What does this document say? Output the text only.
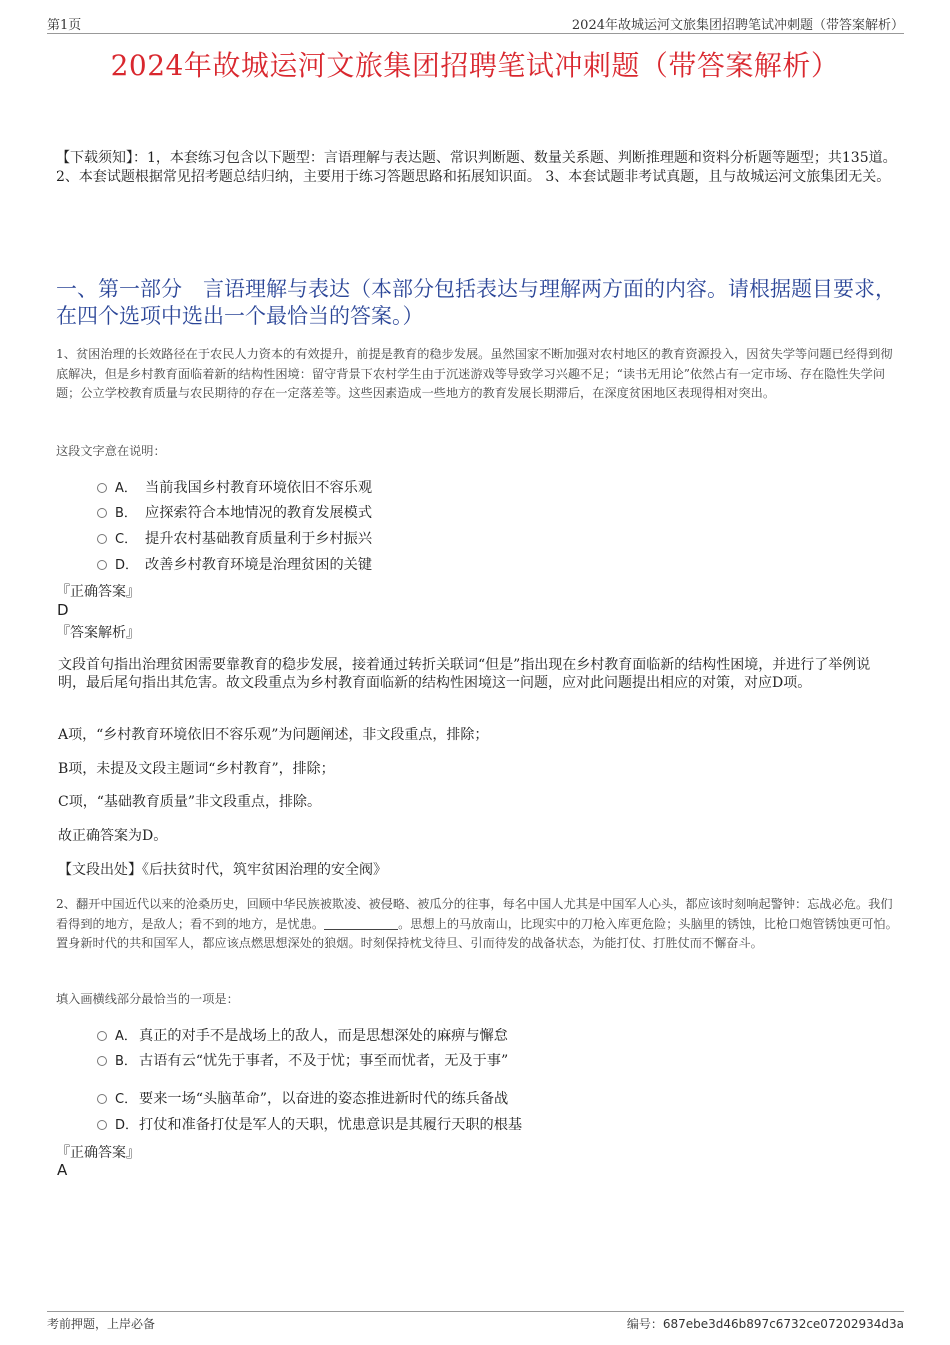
第1页	2024年故城运河文旅集团招聘笔试冲刺题（带答案解析）
2024年故城运河文旅集团招聘笔试冲刺题（带答案解析）
【下载须知】：1，本套练习包含以下题型：言语理解与表达题、常识判断题、数量关系题、判断推理题和资料分析题等题型；共135道。 2、本套试题根据常见招考题总结归纳，主要用于练习答题思路和拓展知识面。 3、本套试题非考试真题，且与故城运河文旅集团无关。
一、第一部分　言语理解与表达（本部分包括表达与理解两方面的内容。请根据题目要求，在四个选项中选出一个最恰当的答案。）
1、贫困治理的长效路径在于农民人力资本的有效提升，前提是教育的稳步发展。虽然国家不断加强对农村地区的教育资源投入，因贫失学等问题已经得到彻底解决，但是乡村教育面临着新的结构性困境：留守背景下农村学生由于沉迷游戏等导致学习兴趣不足；“读书无用论”依然占有一定市场、存在隐性失学问题；公立学校教育质量与农民期待的存在一定落差等。这些因素造成一些地方的教育发展长期滞后，在深度贫困地区表现得相对突出。
这段文字意在说明：
A． 当前我国乡村教育环境依旧不容乐观
B． 应探索符合本地情况的教育发展模式
C． 提升农村基础教育质量利于乡村振兴
D． 改善乡村教育环境是治理贫困的关键
『正确答案』
D
『答案解析』
文段首句指出治理贫困需要靠教育的稳步发展，接着通过转折关联词“但是”指出现在乡村教育面临新的结构性困境，并进行了举例说明，最后尾句指出其危害。故文段重点为乡村教育面临新的结构性困境这一问题，应对此问题提出相应的对策，对应D项。
A项，“乡村教育环境依旧不容乐观”为问题阐述，非文段重点，排除；
B项，未提及文段主题词“乡村教育”，排除；
C项，“基础教育质量”非文段重点，排除。
故正确答案为D。
【文段出处】《后扶贫时代，筑牢贫困治理的安全阀》
2、翻开中国近代以来的沧桑历史，回顾中华民族被欺凌、被侵略、被瓜分的往事，每名中国人尤其是中国军人心头，都应该时刻响起警钟：忘战必危。我们看得到的地方，是敌人；看不到的地方，是忧患。	。思想上的马放南山，比现实中的刀枪入库更危险；头脑里的锈蚀，比枪口炮管锈蚀更可怕。置身新时代的共和国军人，都应该点燃思想深处的狼烟。时刻保持枕戈待旦、引而待发的战备状态，为能打仗、打胜仗而不懈奋斗。
填入画横线部分最恰当的一项是：
A． 真正的对手不是战场上的敌人，而是思想深处的麻痹与懈怠
B． 古语有云“忧先于事者，不及于忧；事至而忧者，无及于事”
C． 要来一场“头脑革命”，以奋进的姿态推进新时代的练兵备战
D．打仗和准备打仗是军人的天职，忧患意识是其履行天职的根基
『正确答案』
A
考前押题，上岸必备	编号：687ebe3d46b897c6732ce07202934d3a
